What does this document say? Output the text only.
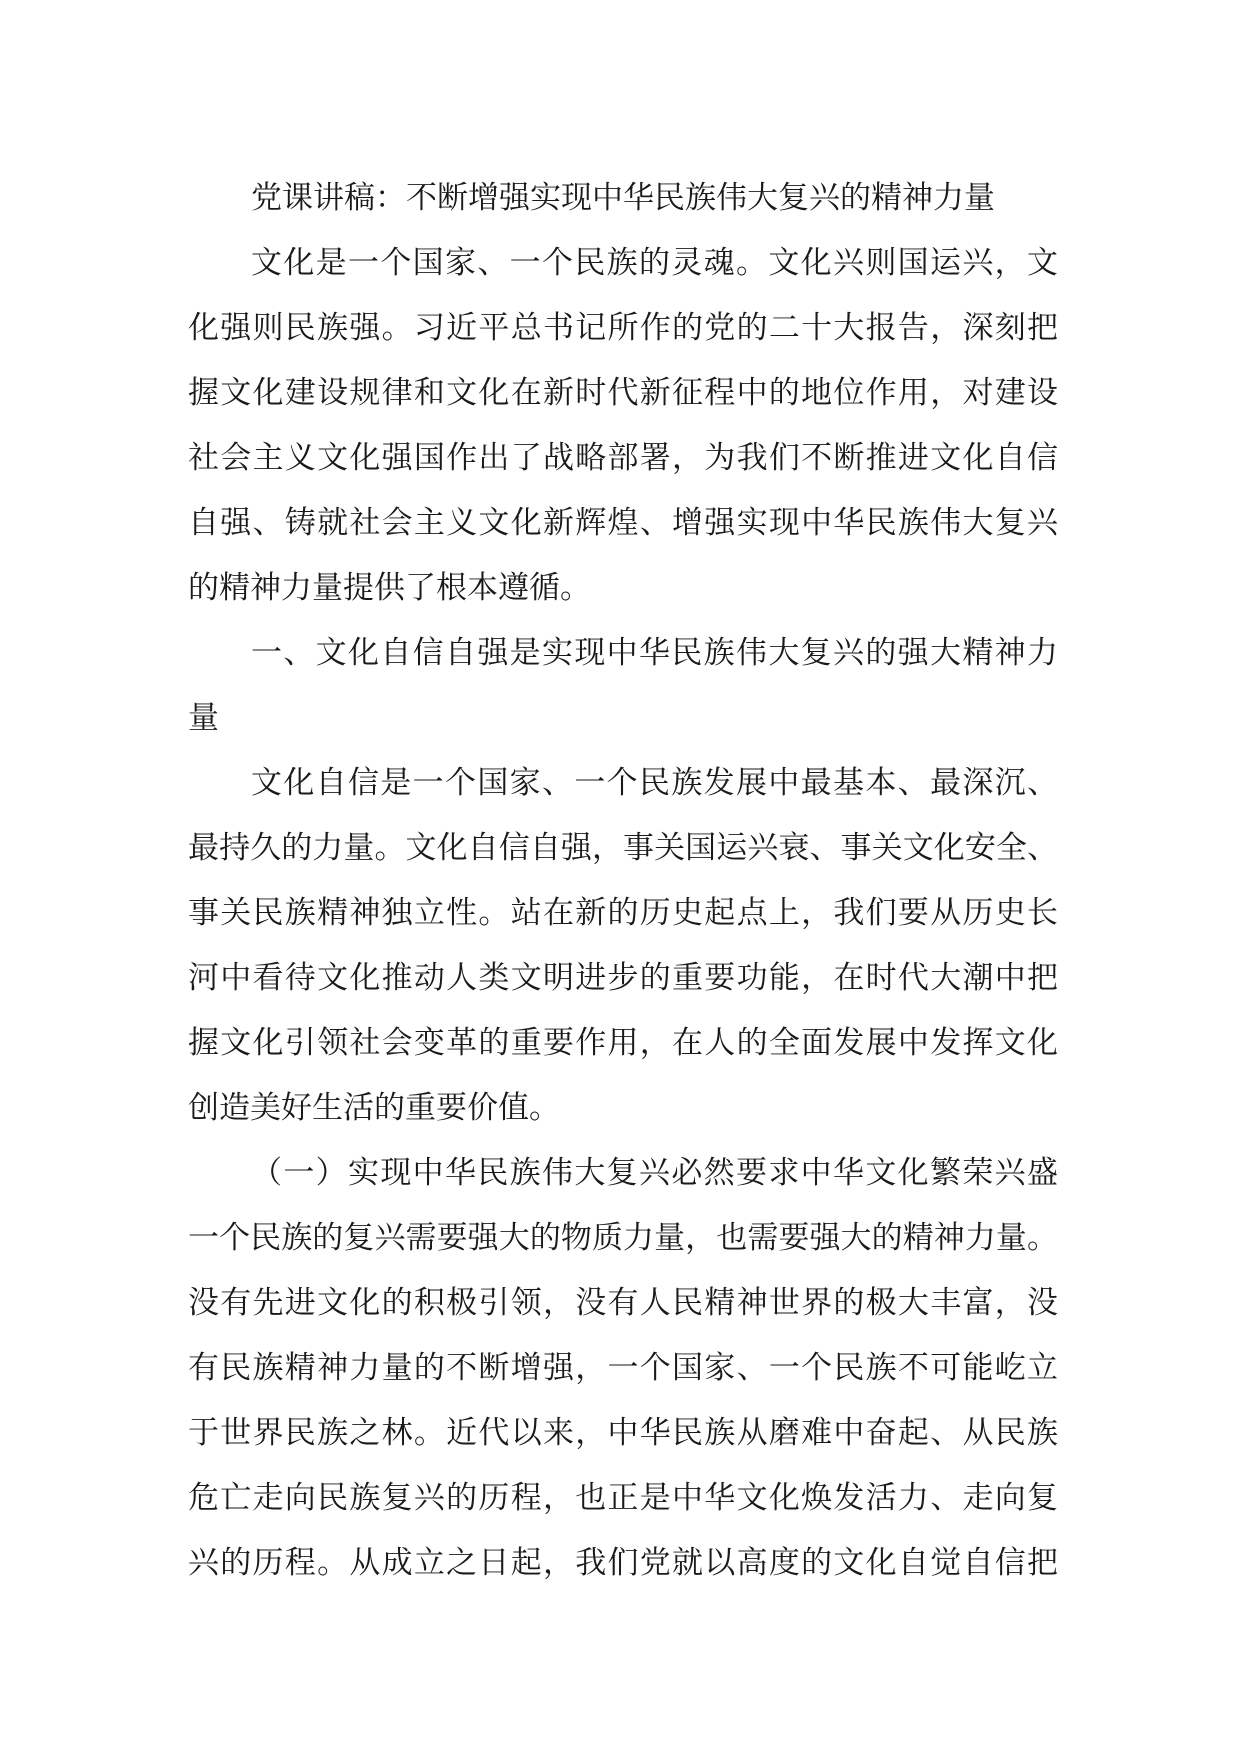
党课讲稿：不断增强实现中华民族伟大复兴的精神力量
文化是一个国家、一个民族的灵魂。文化兴则国运兴，文
化强则民族强。习近平总书记所作的党的二十大报告，深刻把
握文化建设规律和文化在新时代新征程中的地位作用，对建设
社会主义文化强国作出了战略部署，为我们不断推进文化自信
自强、铸就社会主义文化新辉煌、增强实现中华民族伟大复兴
的精神力量提供了根本遵循。
一、文化自信自强是实现中华民族伟大复兴的强大精神力
量
文化自信是一个国家、一个民族发展中最基本、最深沉、
最持久的力量。文化自信自强，事关国运兴衰、事关文化安全、
事关民族精神独立性。站在新的历史起点上，我们要从历史长
河中看待文化推动人类文明进步的重要功能，在时代大潮中把
握文化引领社会变革的重要作用，在人的全面发展中发挥文化
创造美好生活的重要价值。
（一）实现中华民族伟大复兴必然要求中华文化繁荣兴盛
一个民族的复兴需要强大的物质力量，也需要强大的精神力量。
没有先进文化的积极引领，没有人民精神世界的极大丰富，没
有民族精神力量的不断增强，一个国家、一个民族不可能屹立
于世界民族之林。近代以来，中华民族从磨难中奋起、从民族
危亡走向民族复兴的历程，也正是中华文化焕发活力、走向复
兴的历程。从成立之日起，我们党就以高度的文化自觉自信把
